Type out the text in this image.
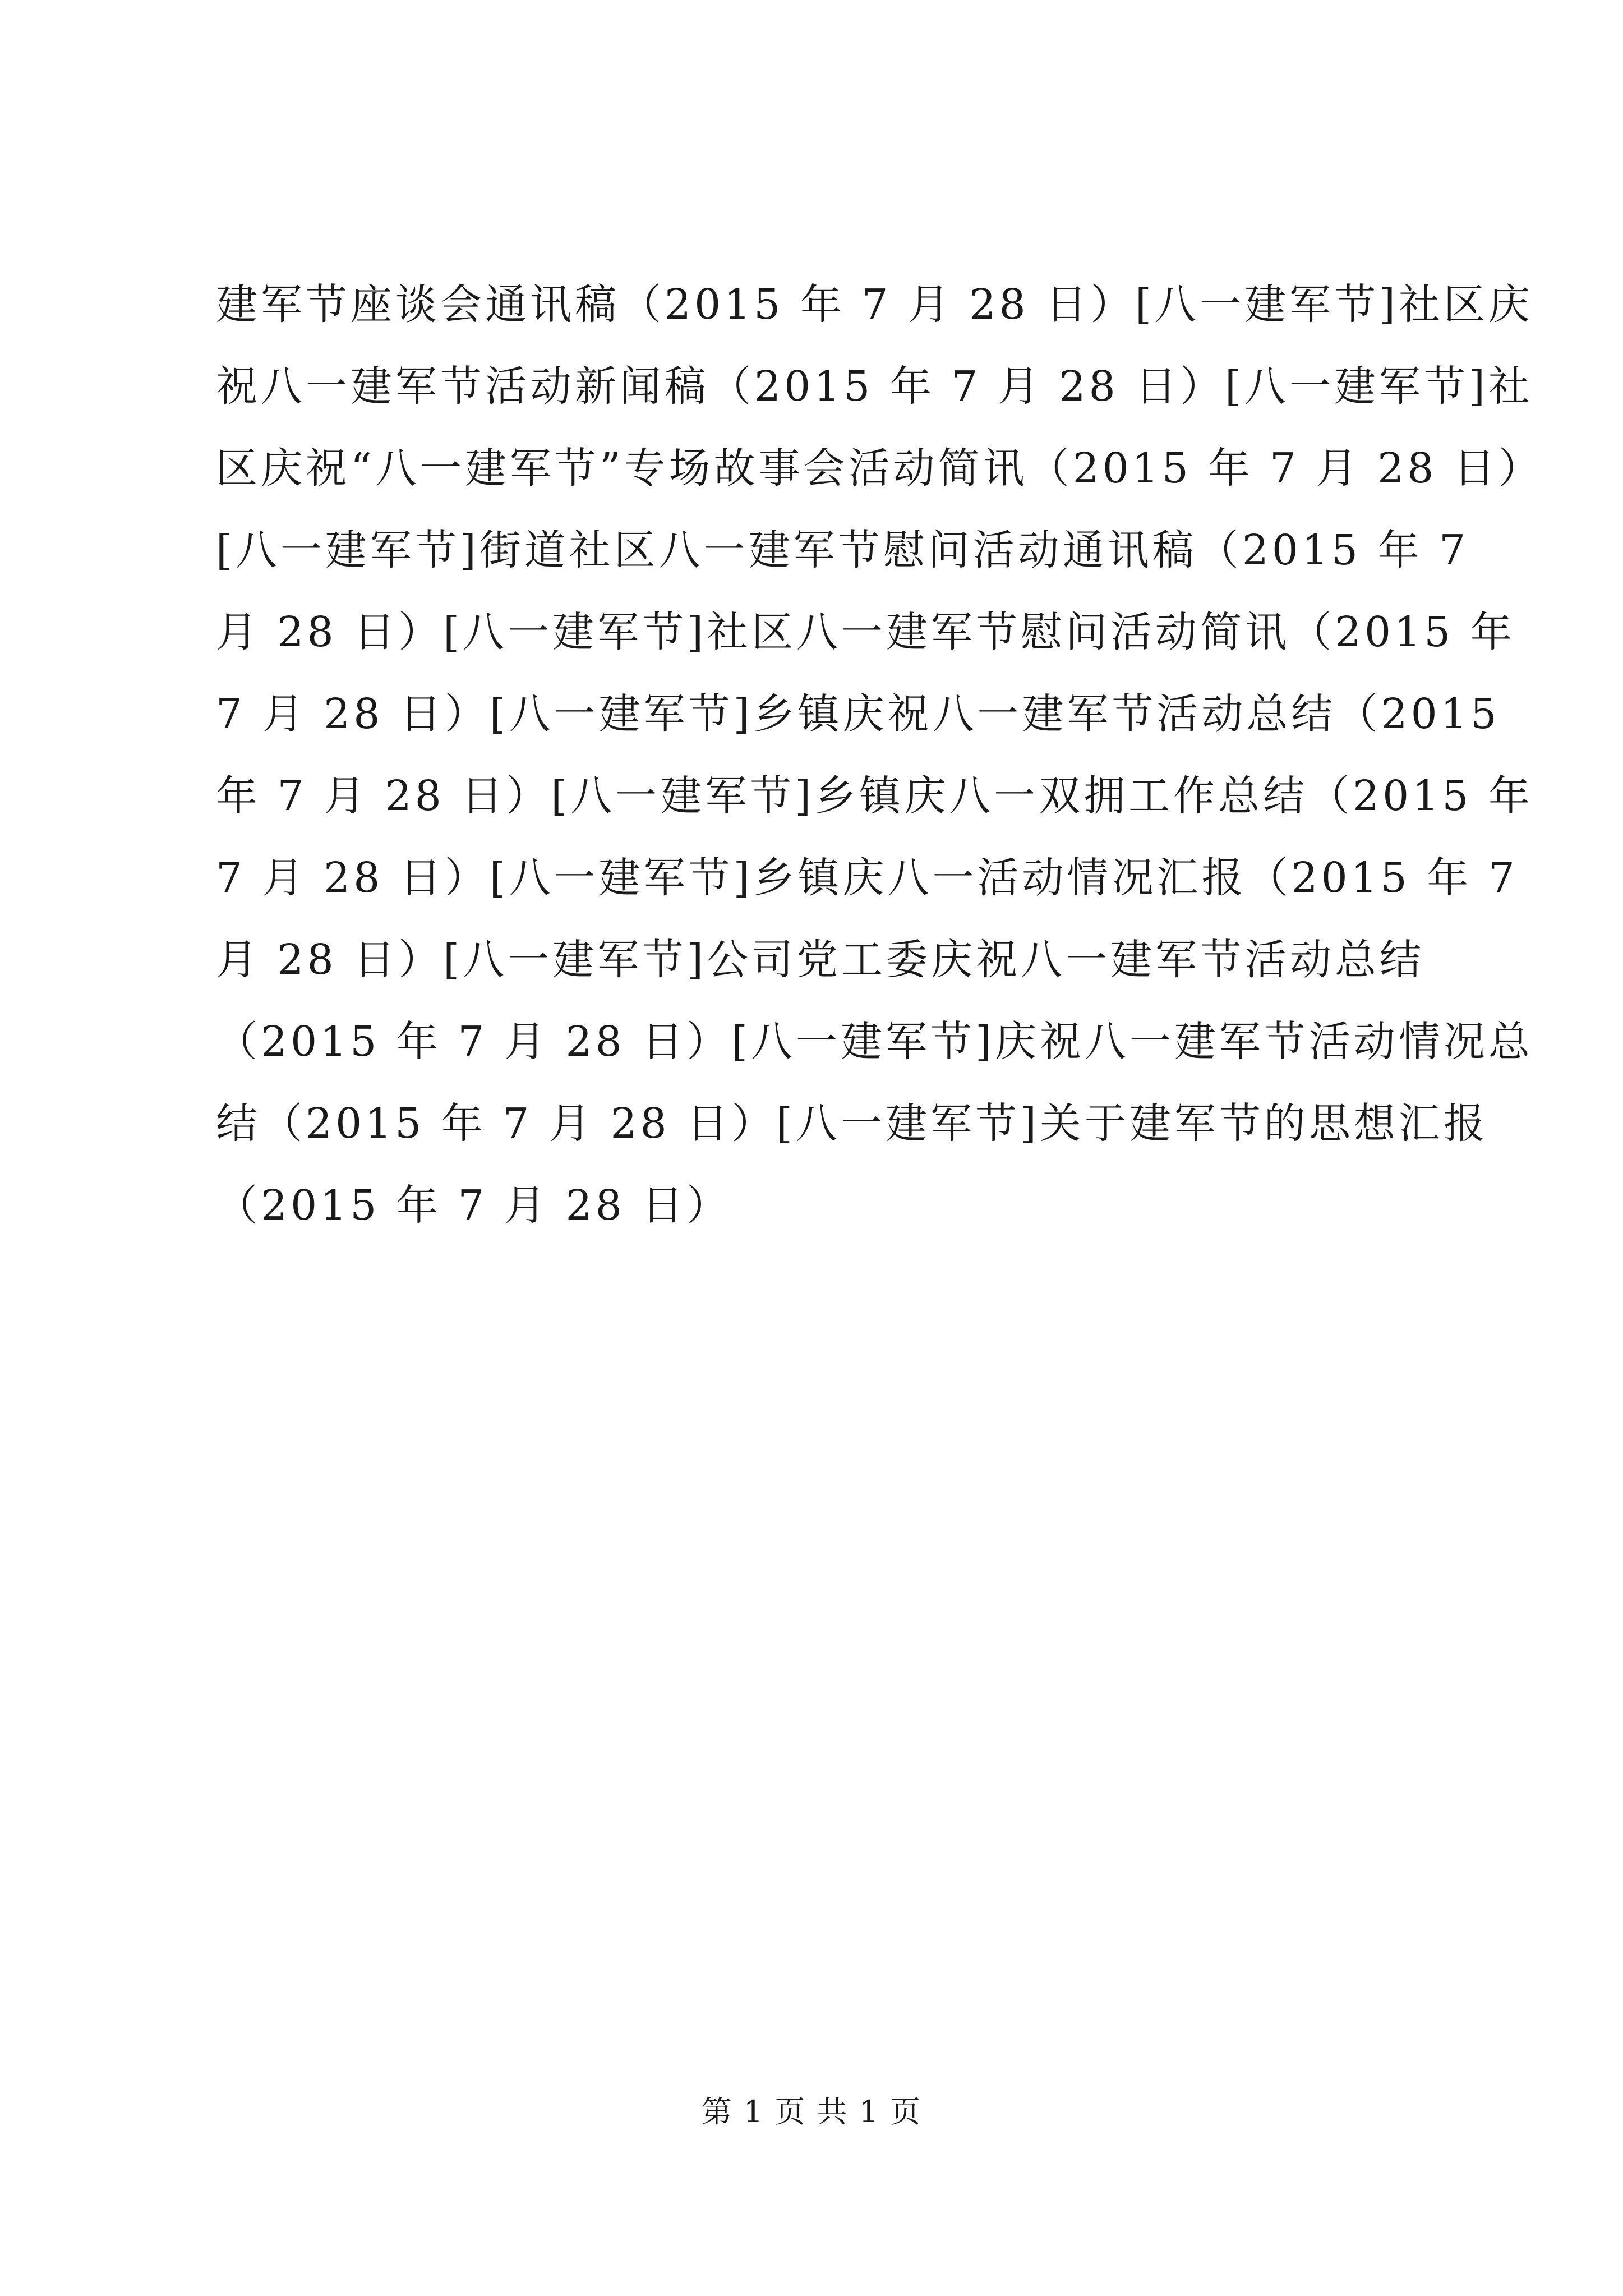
建军节座谈会通讯稿（2015 年 7 月 28 日）[八一建军节]社区庆
祝八一建军节活动新闻稿（2015 年 7 月 28 日）[八一建军节]社
区庆祝“八一建军节”专场故事会活动简讯（2015 年 7 月 28 日）
[八一建军节]街道社区八一建军节慰问活动通讯稿（2015 年 7
月 28 日）[八一建军节]社区八一建军节慰问活动简讯（2015 年
7 月 28 日）[八一建军节]乡镇庆祝八一建军节活动总结（2015
年 7 月 28 日）[八一建军节]乡镇庆八一双拥工作总结（2015 年
7 月 28 日）[八一建军节]乡镇庆八一活动情况汇报（2015 年 7
月 28 日）[八一建军节]公司党工委庆祝八一建军节活动总结
（2015 年 7 月 28 日）[八一建军节]庆祝八一建军节活动情况总
结（2015 年 7 月 28 日）[八一建军节]关于建军节的思想汇报
（2015 年 7 月 28 日）
第 1 页 共 1 页
